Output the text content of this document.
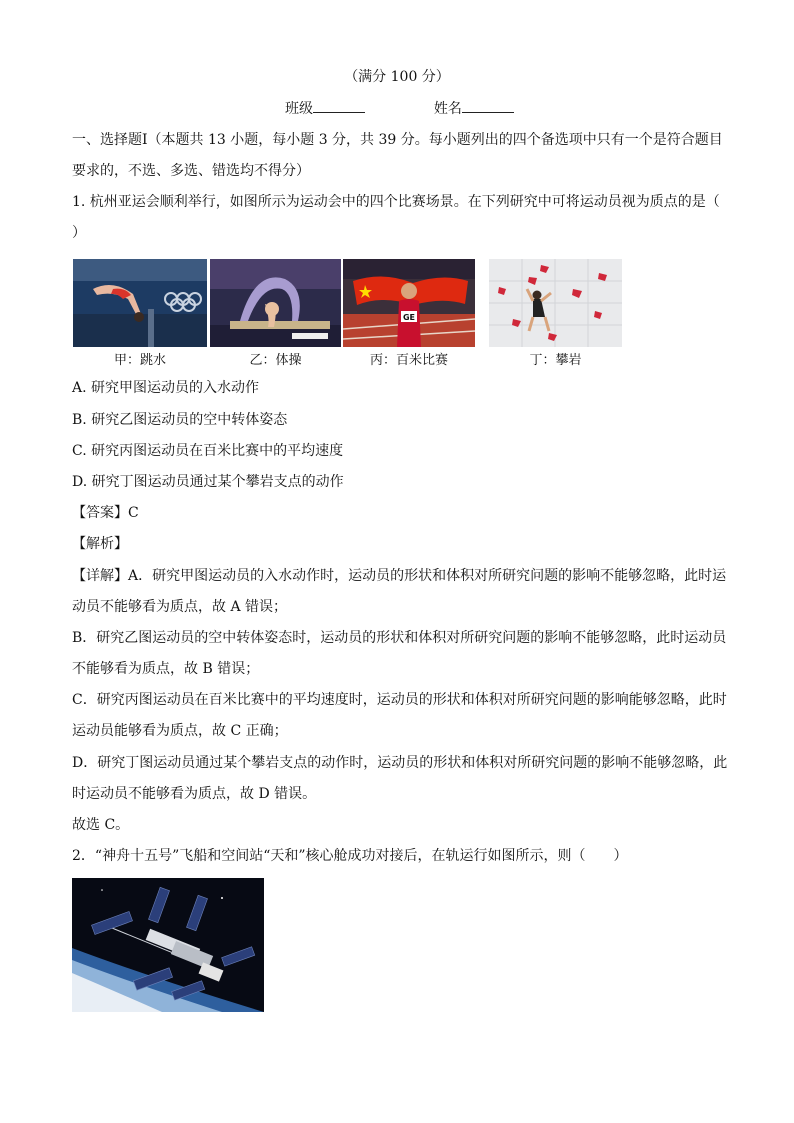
（满分 100 分）
班级	姓名
一、选择题Ⅰ（本题共 13 小题，每小题 3 分，共 39 分。每小题列出的四个备选项中只有一个是符合题目
要求的，不选、多选、错选均不得分）
1. 杭州亚运会顺利举行，如图所示为运动会中的四个比赛场景。在下列研究中可将运动员视为质点的是（
）
甲：跳水	乙：体操
GE
丙：百米比赛	丁：攀岩
A. 研究甲图运动员的入水动作
B. 研究乙图运动员的空中转体姿态
C. 研究丙图运动员在百米比赛中的平均速度
D. 研究丁图运动员通过某个攀岩支点的动作
【答案】C
【解析】
【详解】A．研究甲图运动员的入水动作时，运动员的形状和体积对所研究问题的影响不能够忽略，此时运
动员不能够看为质点，故 A 错误；
B．研究乙图运动员的空中转体姿态时，运动员的形状和体积对所研究问题的影响不能够忽略，此时运动员
不能够看为质点，故 B 错误；
C．研究丙图运动员在百米比赛中的平均速度时，运动员的形状和体积对所研究问题的影响能够忽略，此时
运动员能够看为质点，故 C 正确；
D．研究丁图运动员通过某个攀岩支点的动作时，运动员的形状和体积对所研究问题的影响不能够忽略，此
时运动员不能够看为质点，故 D 错误。
故选 C。
2．“神舟十五号”飞船和空间站“天和”核心舱成功对接后，在轨运行如图所示，则（　　）
